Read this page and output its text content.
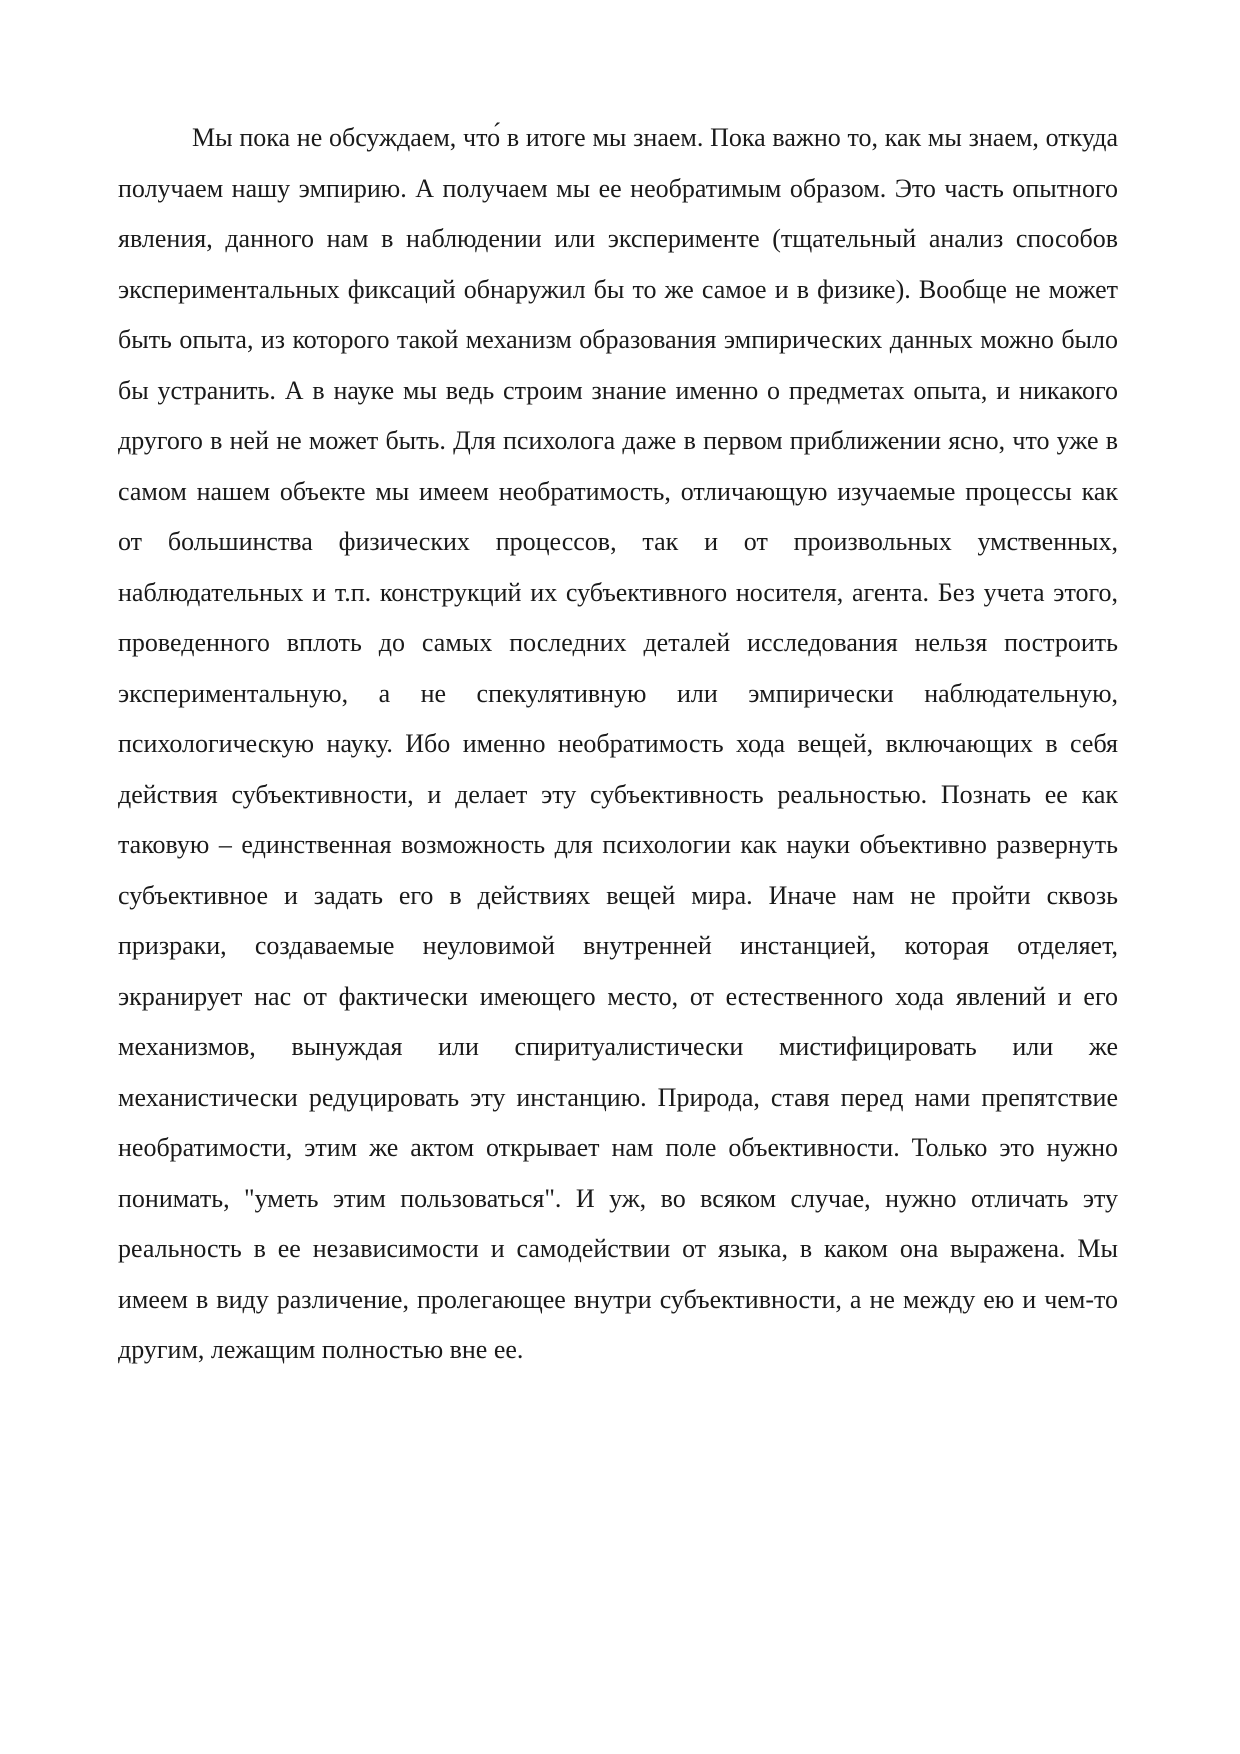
Мы пока не обсуждаем, что́ в итоге мы знаем. Пока важно то, как мы знаем, откуда получаем нашу эмпирию. А получаем мы ее необратимым образом. Это часть опытного явления, данного нам в наблюдении или эксперименте (тщательный анализ способов экспериментальных фиксаций обнаружил бы то же самое и в физике). Вообще не может быть опыта, из которого такой механизм образования эмпирических данных можно было бы устранить. А в науке мы ведь строим знание именно о предметах опыта, и никакого другого в ней не может быть. Для психолога даже в первом приближении ясно, что уже в самом нашем объекте мы имеем необратимость, отличающую изучаемые процессы как от большинства физических процессов, так и от произвольных умственных, наблюдательных и т.п. конструкций их субъективного носителя, агента. Без учета этого, проведенного вплоть до самых последних деталей исследования нельзя построить экспериментальную, а не спекулятивную или эмпирически наблюдательную, психологическую науку. Ибо именно необратимость хода вещей, включающих в себя действия субъективности, и делает эту субъективность реальностью. Познать ее как таковую – единственная возможность для психологии как науки объективно развернуть субъективное и задать его в действиях вещей мира. Иначе нам не пройти сквозь призраки, создаваемые неуловимой внутренней инстанцией, которая отделяет, экранирует нас от фактически имеющего место, от естественного хода явлений и его механизмов, вынуждая или спиритуалистически мистифицировать или же механистически редуцировать эту инстанцию. Природа, ставя перед нами препятствие необратимости, этим же актом открывает нам поле объективности. Только это нужно понимать, "уметь этим пользоваться". И уж, во всяком случае, нужно отличать эту реальность в ее независимости и самодействии от языка, в каком она выражена. Мы имеем в виду различение, пролегающее внутри субъективности, а не между ею и чем-то другим, лежащим полностью вне ее.
